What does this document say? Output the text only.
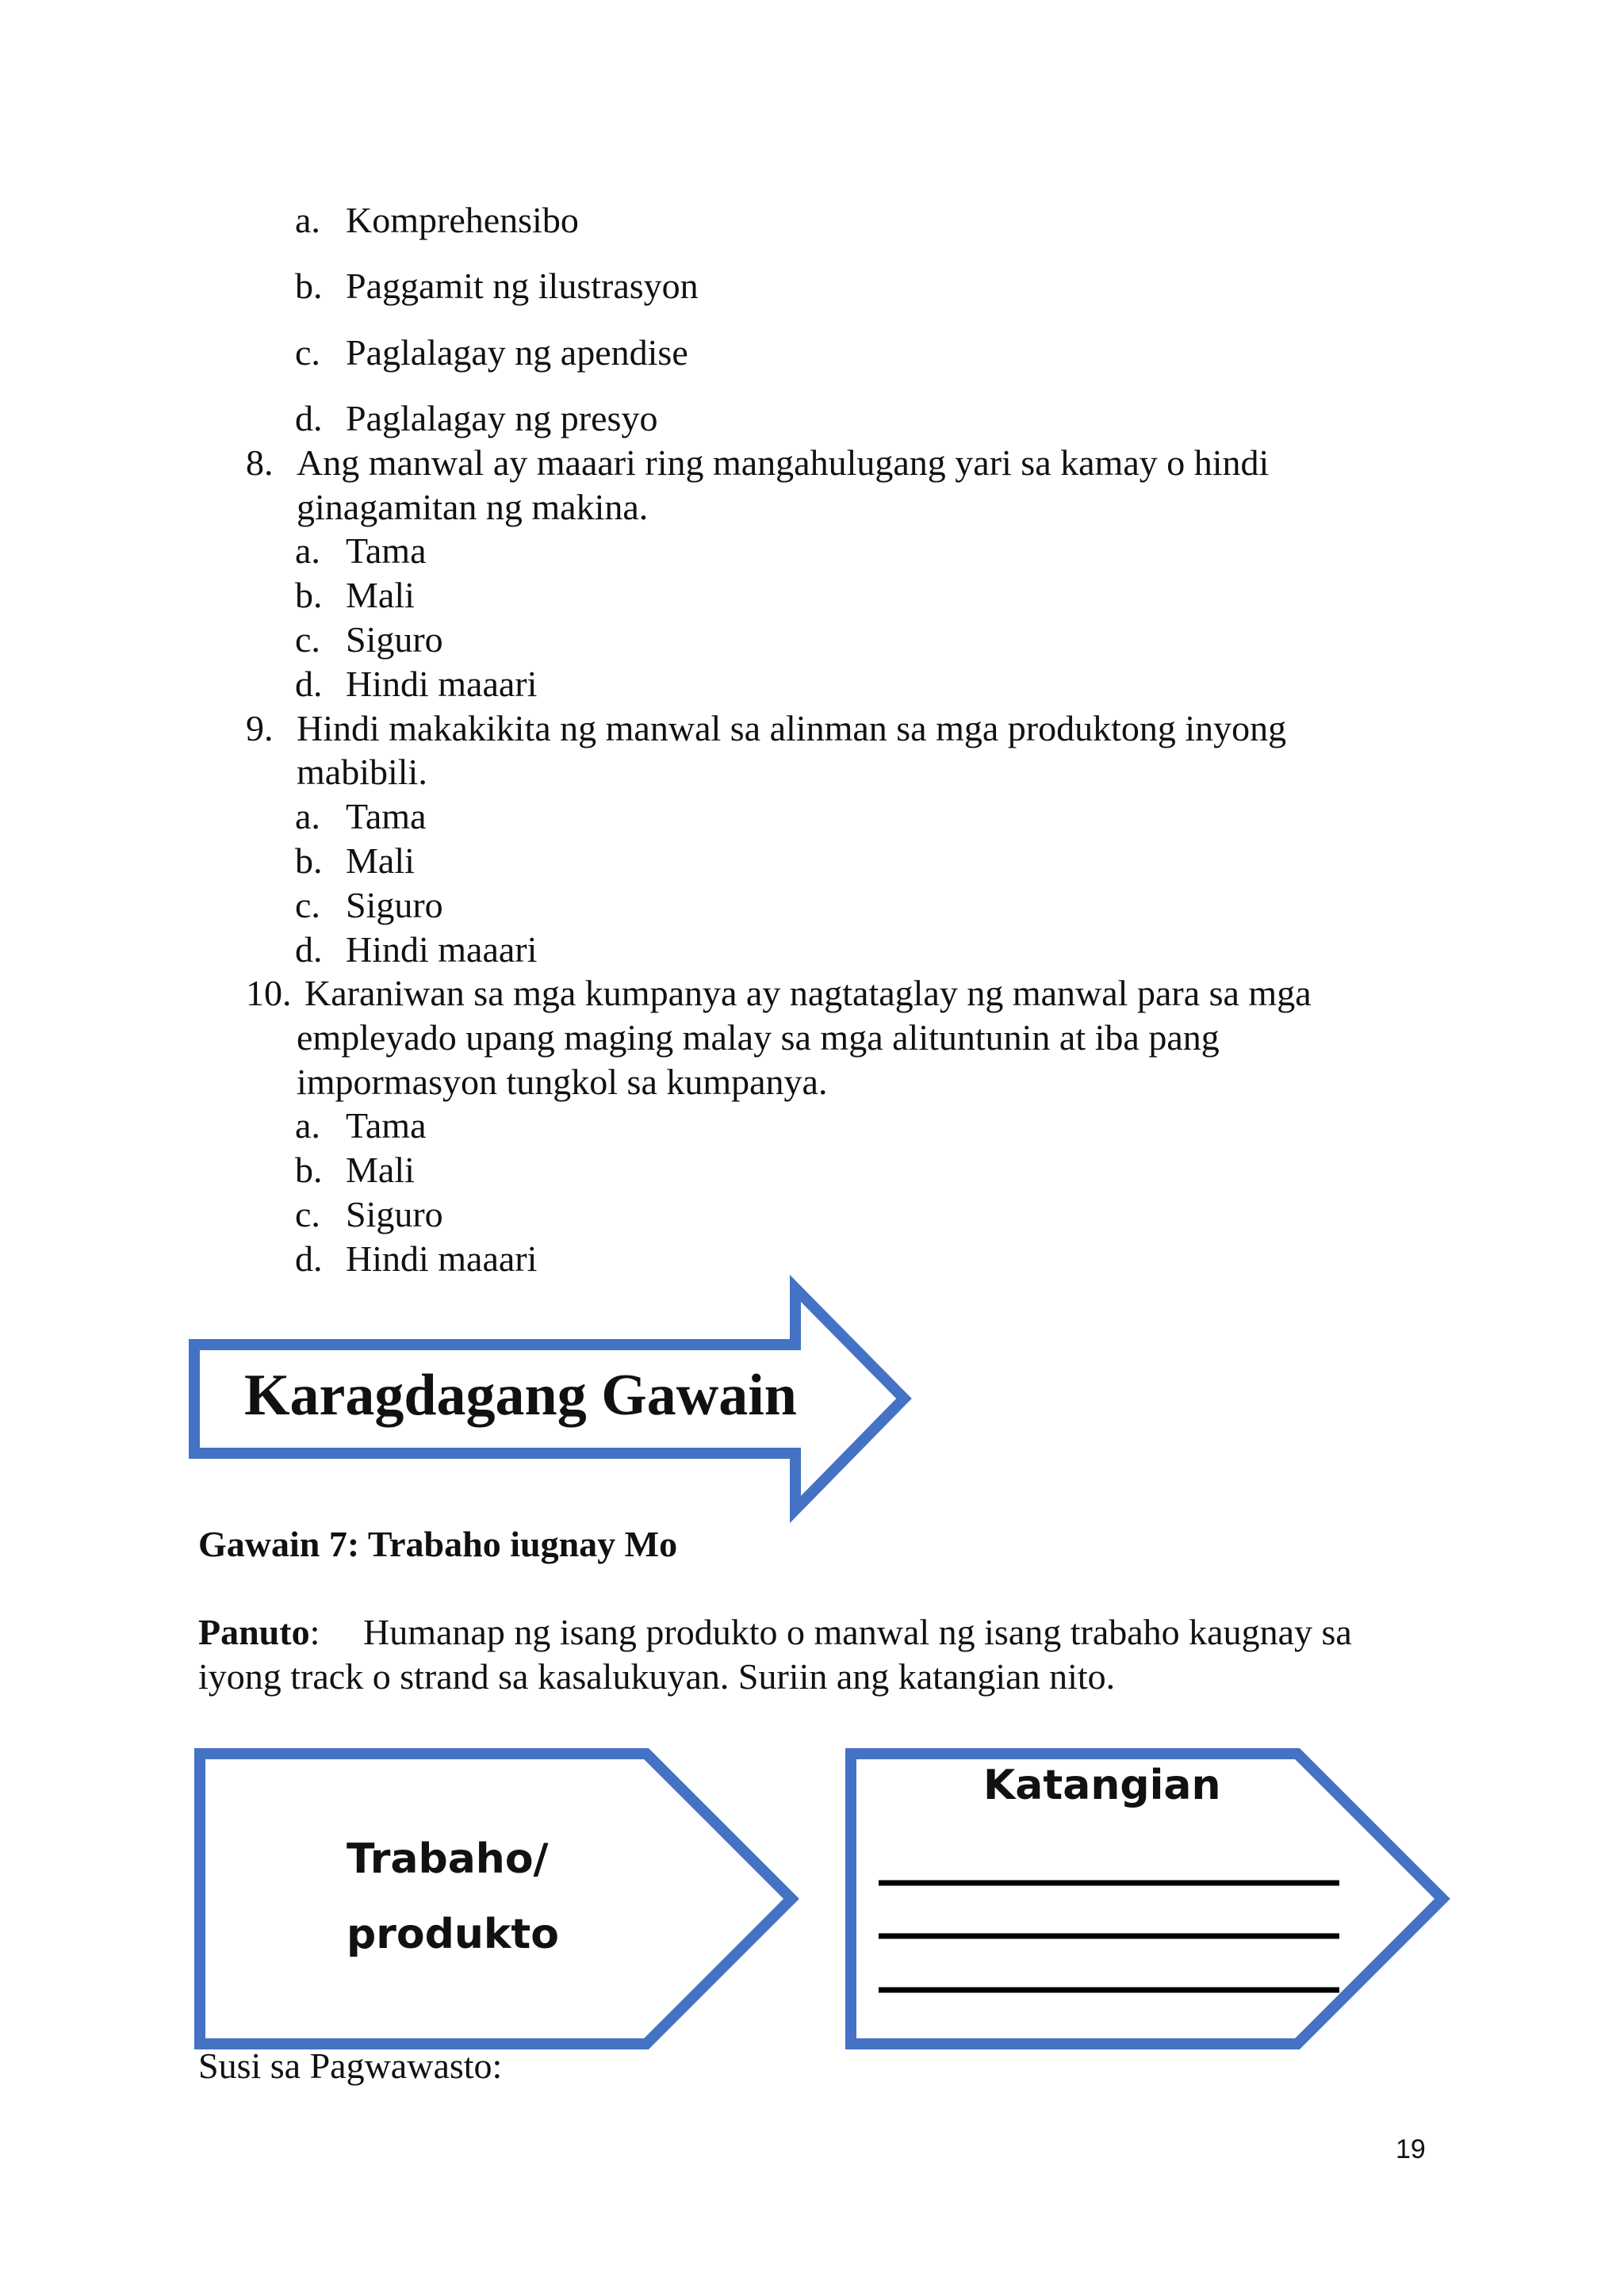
a. Komprehensibo
b. Paggamit ng ilustrasyon
c. Paglalagay ng apendise
d. Paglalagay ng presyo
8. Ang manwal ay maaari ring mangahulugang yari sa kamay o hindi
ginagamitan ng makina.
a. Tama
b. Mali
c. Siguro
d. Hindi maaari
9. Hindi makakikita ng manwal sa alinman sa mga produktong inyong
mabibili.
a. Tama
b. Mali
c. Siguro
d. Hindi maaari
10. Karaniwan sa mga kumpanya ay nagtataglay ng manwal para sa mga
empleyado upang maging malay sa mga alituntunin at iba pang
impormasyon tungkol sa kumpanya.
a. Tama
b. Mali
c. Siguro
d. Hindi maaari
Karagdagang Gawain
Gawain 7: Trabaho iugnay Mo
Panuto: Humanap ng isang produkto o manwal ng isang trabaho kaugnay sa
iyong track o strand sa kasalukuyan. Suriin ang katangian nito.
Trabaho/
produkto
Katangian
Susi sa Pagwawasto:
19
